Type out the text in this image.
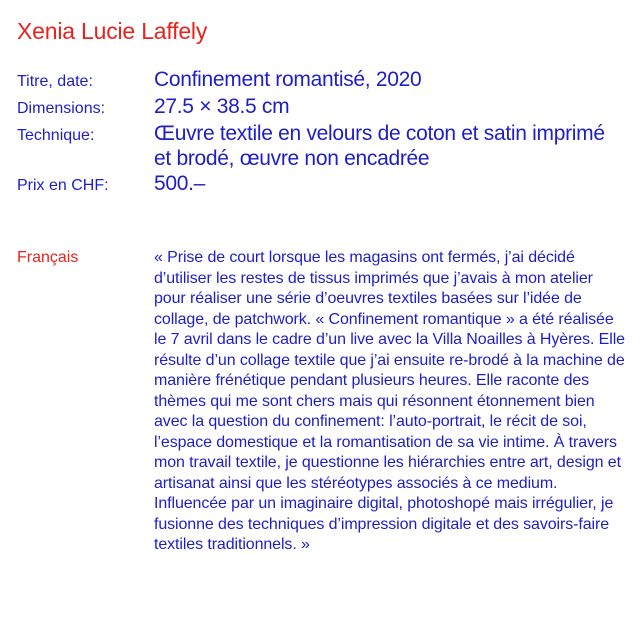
Xenia Lucie Laffely
Titre, date:	Confinement romantisé, 2020
Dimensions:	27.5 × 38.5 cm
Technique:	Œuvre textile en velours de coton et satin imprimé et brodé, œuvre non encadrée
Prix en CHF:	500.–
Français	« Prise de court lorsque les magasins ont fermés, j’ai décidé d’utiliser les restes de tissus imprimés que j’avais à mon atelier pour réaliser une série d’oeuvres textiles basées sur l’idée de collage, de patchwork. « Confinement romantique » a été réalisée le 7 avril dans le cadre d’un live avec la Villa Noailles à Hyères. Elle résulte d’un collage textile que j’ai ensuite re-brodé à la machine de manière frénétique pendant plusieurs heures. Elle raconte des thèmes qui me sont chers mais qui résonnent étonnement bien avec la question du confinement: l’auto-portrait, le récit de soi, l’espace domestique et la romantisation de sa vie intime. À travers mon travail textile, je questionne les hiérarchies entre art, design et artisanat ainsi que les stéréotypes associés à ce medium. Influencée par un imaginaire digital, photoshopé mais irrégulier, je fusionne des techniques d’impression digitale et des savoirs-faire textiles traditionnels. »
